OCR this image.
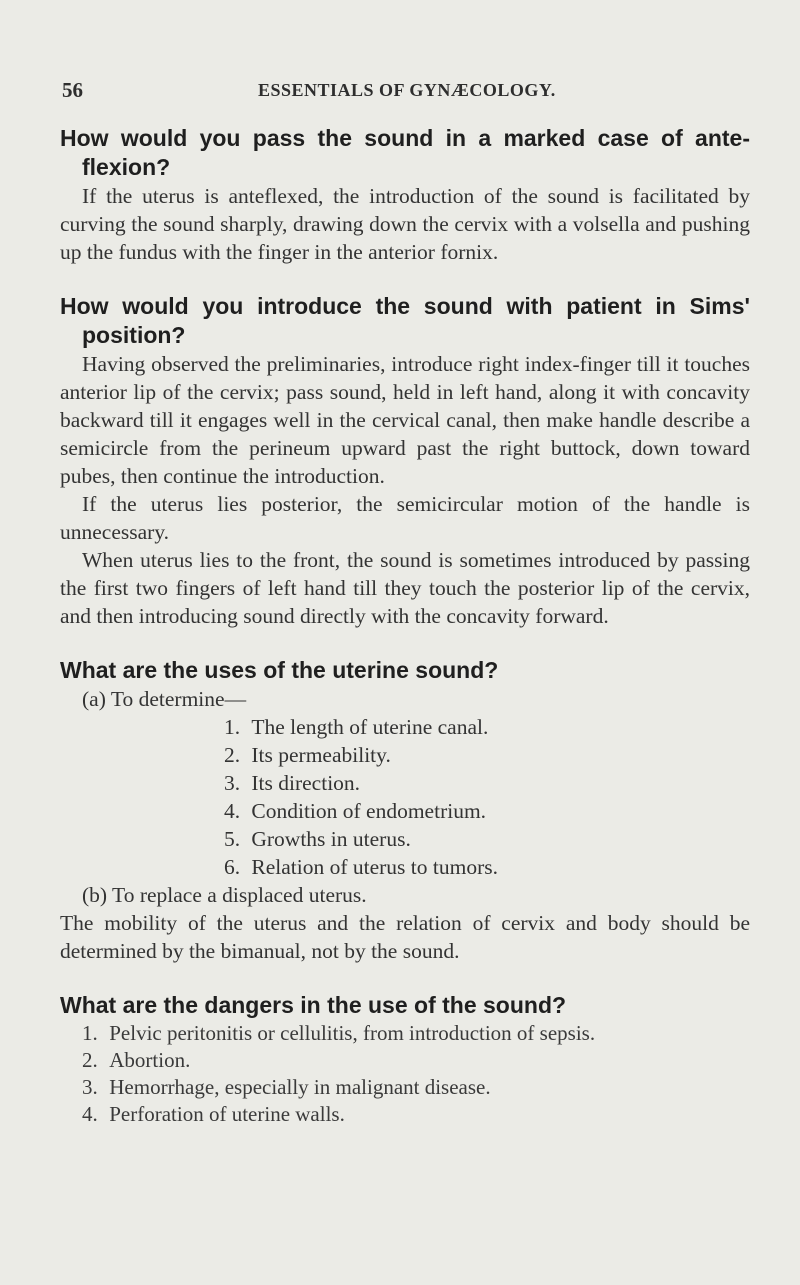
56	ESSENTIALS OF GYNÆCOLOGY.

How would you pass the sound in a marked case of ante-flexion?

If the uterus is anteflexed, the introduction of the sound is facilitated by curving the sound sharply, drawing down the cervix with a volsella and pushing up the fundus with the finger in the anterior fornix.

How would you introduce the sound with patient in Sims' position?

Having observed the preliminaries, introduce right index-finger till it touches anterior lip of the cervix; pass sound, held in left hand, along it with concavity backward till it engages well in the cervical canal, then make handle describe a semicircle from the perineum upward past the right buttock, down toward pubes, then continue the introduction.

If the uterus lies posterior, the semicircular motion of the handle is unnecessary.

When uterus lies to the front, the sound is sometimes introduced by passing the first two fingers of left hand till they touch the posterior lip of the cervix, and then introducing sound directly with the concavity forward.

What are the uses of the uterine sound?

(a) To determine—

1. The length of uterine canal.
2. Its permeability.
3. Its direction.
4. Condition of endometrium.
5. Growths in uterus.
6. Relation of uterus to tumors.

(b) To replace a displaced uterus.

The mobility of the uterus and the relation of cervix and body should be determined by the bimanual, not by the sound.

What are the dangers in the use of the sound?

1. Pelvic peritonitis or cellulitis, from introduction of sepsis.
2. Abortion.
3. Hemorrhage, especially in malignant disease.
4. Perforation of uterine walls.
